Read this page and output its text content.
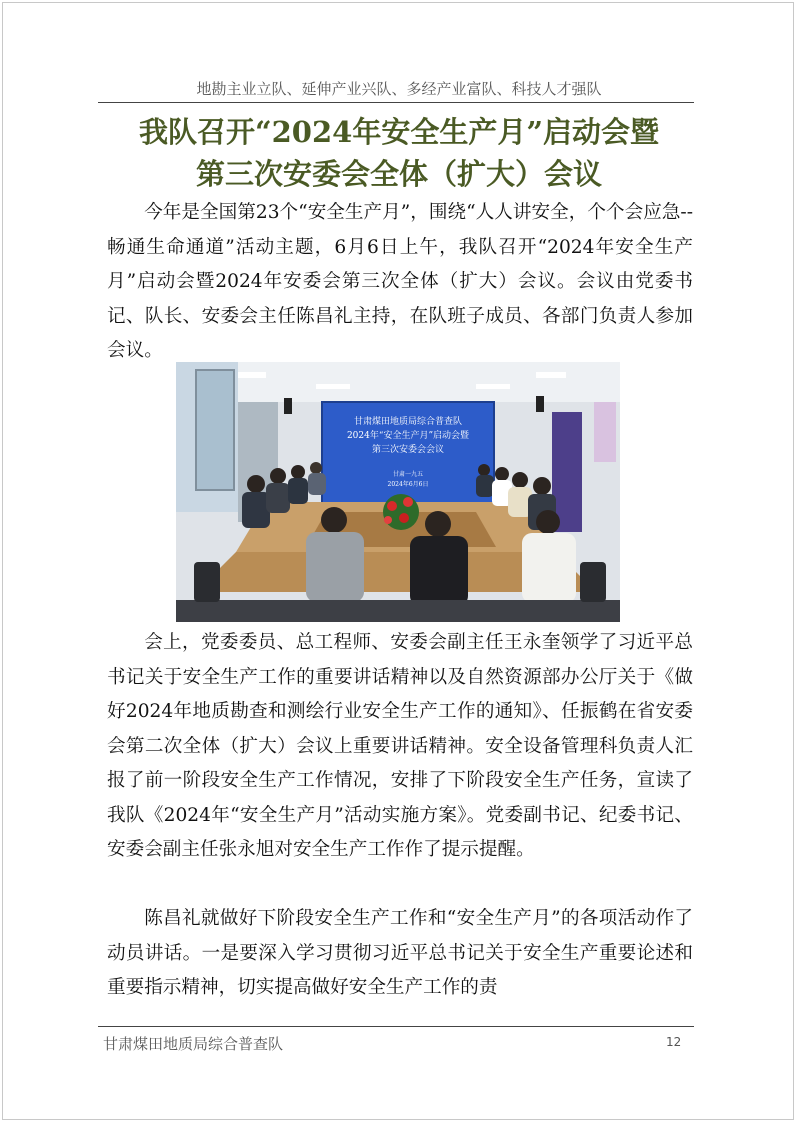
地勘主业立队、延伸产业兴队、多经产业富队、科技人才强队
我队召开“2024年安全生产月”启动会暨
第三次安委会全体（扩大）会议

今年是全国第23个“安全生产月”，围绕“人人讲安全，个个会应急--畅通生命通道”活动主题，6月6日上午，我队召开“2024年安全生产月”启动会暨2024年安委会第三次全体（扩大）会议。会议由党委书记、队长、安委会主任陈昌礼主持，在队班子成员、各部门负责人参加会议。

甘肃煤田地质局综合普查队
2024年“安全生产月”启动会暨
第三次安委会会议
甘肃一九五
2024年6月6日

会上，党委委员、总工程师、安委会副主任王永奎领学了习近平总书记关于安全生产工作的重要讲话精神以及自然资源部办公厅关于《做好2024年地质勘查和测绘行业安全生产工作的通知》、任振鹤在省安委会第二次全体（扩大）会议上重要讲话精神。安全设备管理科负责人汇报了前一阶段安全生产工作情况，安排了下阶段安全生产任务，宣读了我队《2024年“安全生产月”活动实施方案》。党委副书记、纪委书记、安委会副主任张永旭对安全生产工作作了提示提醒。

陈昌礼就做好下阶段安全生产工作和“安全生产月”的各项活动作了动员讲话。一是要深入学习贯彻习近平总书记关于安全生产重要论述和重要指示精神，切实提高做好安全生产工作的责

甘肃煤田地质局综合普查队	12
